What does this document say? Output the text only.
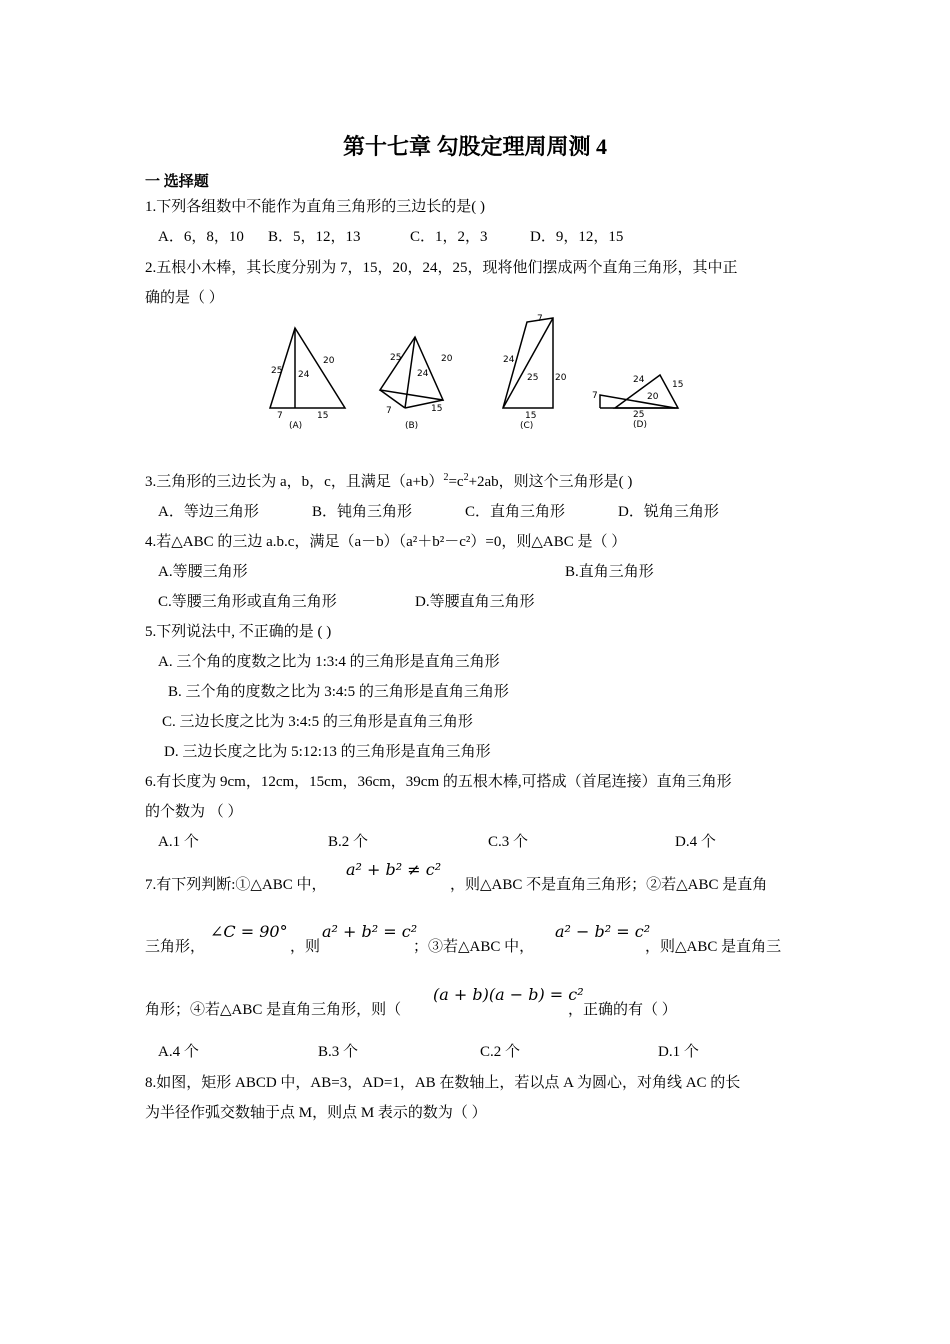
第十七章 勾股定理周周测 4
一 选择题
1.下列各组数中不能作为直角三角形的三边长的是( )
A．6，8，10 B．5，12，13	C．1，2，3	D．9，12，15
2.五根小木棒，其长度分别为 7，15，20，24，25，现将他们摆成两个直角三角形，其中正
确的是（ ）
25 24
20
7	15
(A)
25
24
20
7	15
(B)
7
24
25 20
15
(C)
7
24
20
15
25
(D)
3.三角形的三边长为 a，b，c，且满足$(a+b)^2=c^2+2ab$，则这个三角形是( )
A．等边三角形	B．钝角三角形	C．直角三角形	D．锐角三角形
4.若△ABC 的三边 a.b.c，满足（a－b）（a²＋b²－c²）=0，则△ABC 是（ ）
A.等腰三角形	B.直角三角形
C.等腰三角形或直角三角形	D.等腰直角三角形
5.下列说法中, 不正确的是 ( )
A. 三个角的度数之比为 1:3:4 的三角形是直角三角形
B. 三个角的度数之比为 3:4:5 的三角形是直角三角形
C. 三边长度之比为 3:4:5 的三角形是直角三角形
D. 三边长度之比为 5:12:13 的三角形是直角三角形
6.有长度为 9cm，12cm，15cm，36cm，39cm 的五根木棒,可搭成（首尾连接）直角三角形
的个数为 （ ）
A.1 个	B.2 个	C.3 个	D.4 个
7.有下列判断:①△ABC 中，
a² + b² ≠ c²
，则△ABC 不是直角三角形；②若△ABC 是直角
三角形，
∠C = 90°
，则
a² + b² = c²
；③若△ABC 中，
a² − b² = c²
，则△ABC 是直角三
角形；④若△ABC 是直角三角形，则（
(a + b)(a − b) = c²
，正确的有（ ）
A.4 个	B.3 个	C.2 个	D.1 个
8.如图，矩形 ABCD 中，AB=3，AD=1，AB 在数轴上，若以点 A 为圆心，对角线 AC 的长
为半径作弧交数轴于点 M，则点 M 表示的数为（ ）
